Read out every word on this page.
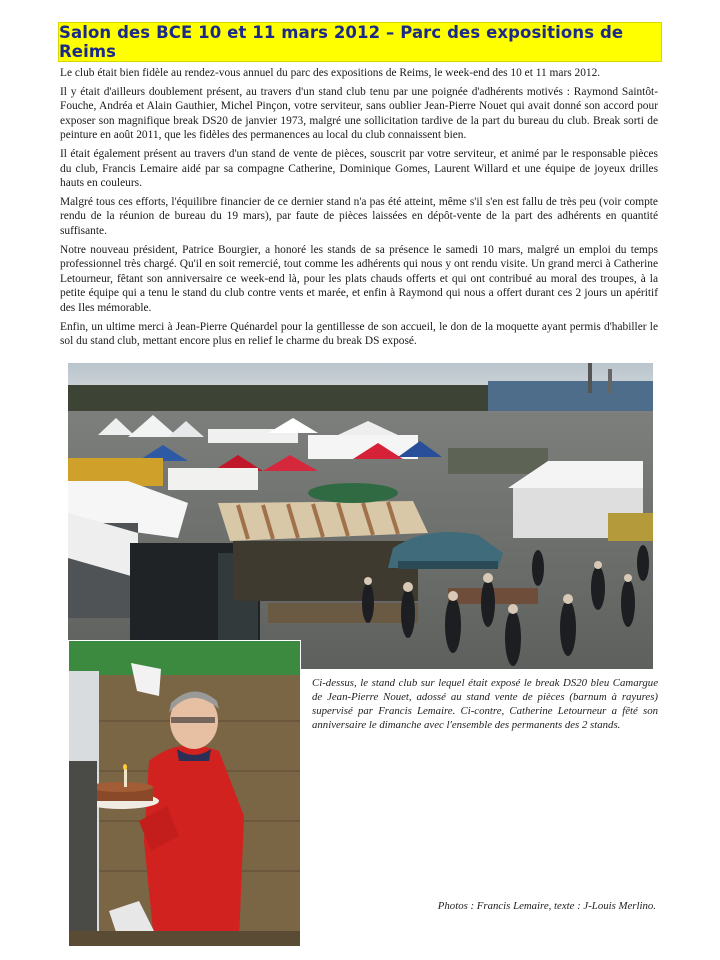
Salon des BCE 10 et 11 mars 2012 – Parc des expositions de Reims

Le club était bien fidèle au rendez-vous annuel du parc des expositions de Reims, le week-end des 10 et 11 mars 2012.

Il y était d'ailleurs doublement présent, au travers d'un stand club tenu par une poignée d'adhérents motivés : Raymond Saintôt-Fouche, Andréa et Alain Gauthier, Michel Pinçon, votre serviteur, sans oublier Jean-Pierre Nouet qui avait donné son accord pour exposer son magnifique break DS20 de janvier 1973, malgré une sollicitation tardive de la part du bureau du club. Break sorti de peinture en août 2011, que les fidèles des permanences au local du club connaissent bien.

Il était également présent au travers d'un stand de vente de pièces, souscrit par votre serviteur, et animé par le responsable pièces du club, Francis Lemaire aidé par sa compagne Catherine, Dominique Gomes, Laurent Willard et une équipe de joyeux drilles hauts en couleurs.

Malgré tous ces efforts, l'équilibre financier de ce dernier stand n'a pas été atteint, même s'il s'en est fallu de très peu (voir compte rendu de la réunion de bureau du 19 mars), par faute de pièces laissées en dépôt-vente de la part des adhérents en quantité suffisante.

Notre nouveau président, Patrice Bourgier, a honoré les stands de sa présence le samedi 10 mars, malgré un emploi du temps professionnel très chargé. Qu'il en soit remercié, tout comme les adhérents qui nous y ont rendu visite. Un grand merci à Catherine Letourneur, fêtant son anniversaire ce week-end là, pour les plats chauds offerts et qui ont contribué au moral des troupes, à la petite équipe qui a tenu le stand du club contre vents et marée, et enfin à Raymond qui nous a offert durant ces 2 jours un apéritif des Iles mémorable.

Enfin, un ultime merci à Jean-Pierre Quénardel pour la gentillesse de son accueil, le don de la moquette ayant permis d'habiller le sol du stand club, mettant encore plus en relief le charme du break DS exposé.

Ci-dessus, le stand club sur lequel était exposé le break DS20 bleu Camargue de Jean-Pierre Nouet, adossé au stand vente de pièces (barnum à rayures) supervisé par Francis Lemaire. Ci-contre, Catherine Letourneur a fêté son anniversaire le dimanche avec l'ensemble des permanents des 2 stands.
Photos : Francis Lemaire, texte : J-Louis Merlino.
